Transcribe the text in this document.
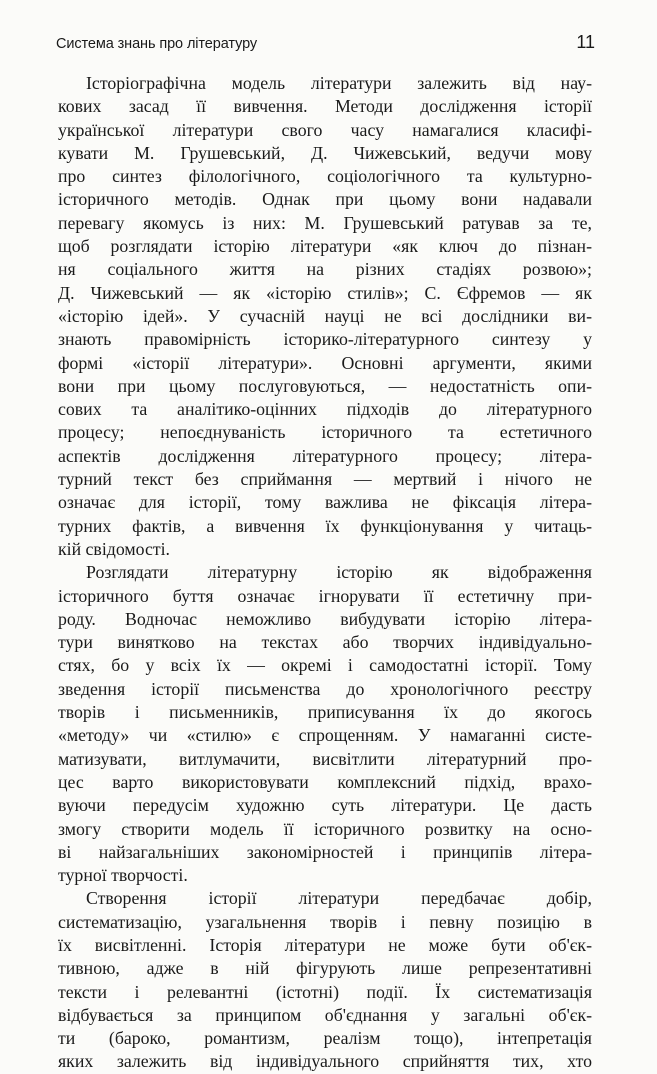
Система знань про літературу	11
Історіографічна модель літератури залежить від нау-
кових засад її вивчення. Методи дослідження історії
української літератури свого часу намагалися класифі-
кувати М. Грушевський, Д. Чижевський, ведучи мову
про синтез філологічного, соціологічного та культурно-
історичного методів. Однак при цьому вони надавали
перевагу якомусь із них: М. Грушевський ратував за те,
щоб розглядати історію літератури «як ключ до пізнан-
ня соціального життя на різних стадіях розвою»;
Д. Чижевський — як «історію стилів»; С. Єфремов — як
«історію ідей». У сучасній науці не всі дослідники ви-
знають правомірність історико-літературного синтезу у
формі «історії літератури». Основні аргументи, якими
вони при цьому послуговуються, — недостатність опи-
сових та аналітико-оцінних підходів до літературного
процесу; непоєднуваність історичного та естетичного
аспектів дослідження літературного процесу; літера-
турний текст без сприймання — мертвий і нічого не
означає для історії, тому важлива не фіксація літера-
турних фактів, а вивчення їх функціонування у читаць-
кій свідомості.
Розглядати літературну історію як відображення
історичного буття означає ігнорувати її естетичну при-
роду. Водночас неможливо вибудувати історію літера-
тури винятково на текстах або творчих індивідуально-
стях, бо у всіх їх — окремі і самодостатні історії. Тому
зведення історії письменства до хронологічного реєстру
творів і письменників, приписування їх до якогось
«методу» чи «стилю» є спрощенням. У намаганні систе-
матизувати, витлумачити, висвітлити літературний про-
цес варто використовувати комплексний підхід, врахо-
вуючи передусім художню суть літератури. Це дасть
змогу створити модель її історичного розвитку на осно-
ві найзагальніших закономірностей і принципів літера-
турної творчості.
Створення історії літератури передбачає добір,
систематизацію, узагальнення творів і певну позицію в
їх висвітленні. Історія літератури не може бути об'єк-
тивною, адже в ній фігурують лише репрезентативні
тексти і релевантні (істотні) події. Їх систематизація
відбувається за принципом об'єднання у загальні об'єк-
ти (бароко, романтизм, реалізм тощо), інтепретація
яких залежить від індивідуального сприйняття тих, хто
